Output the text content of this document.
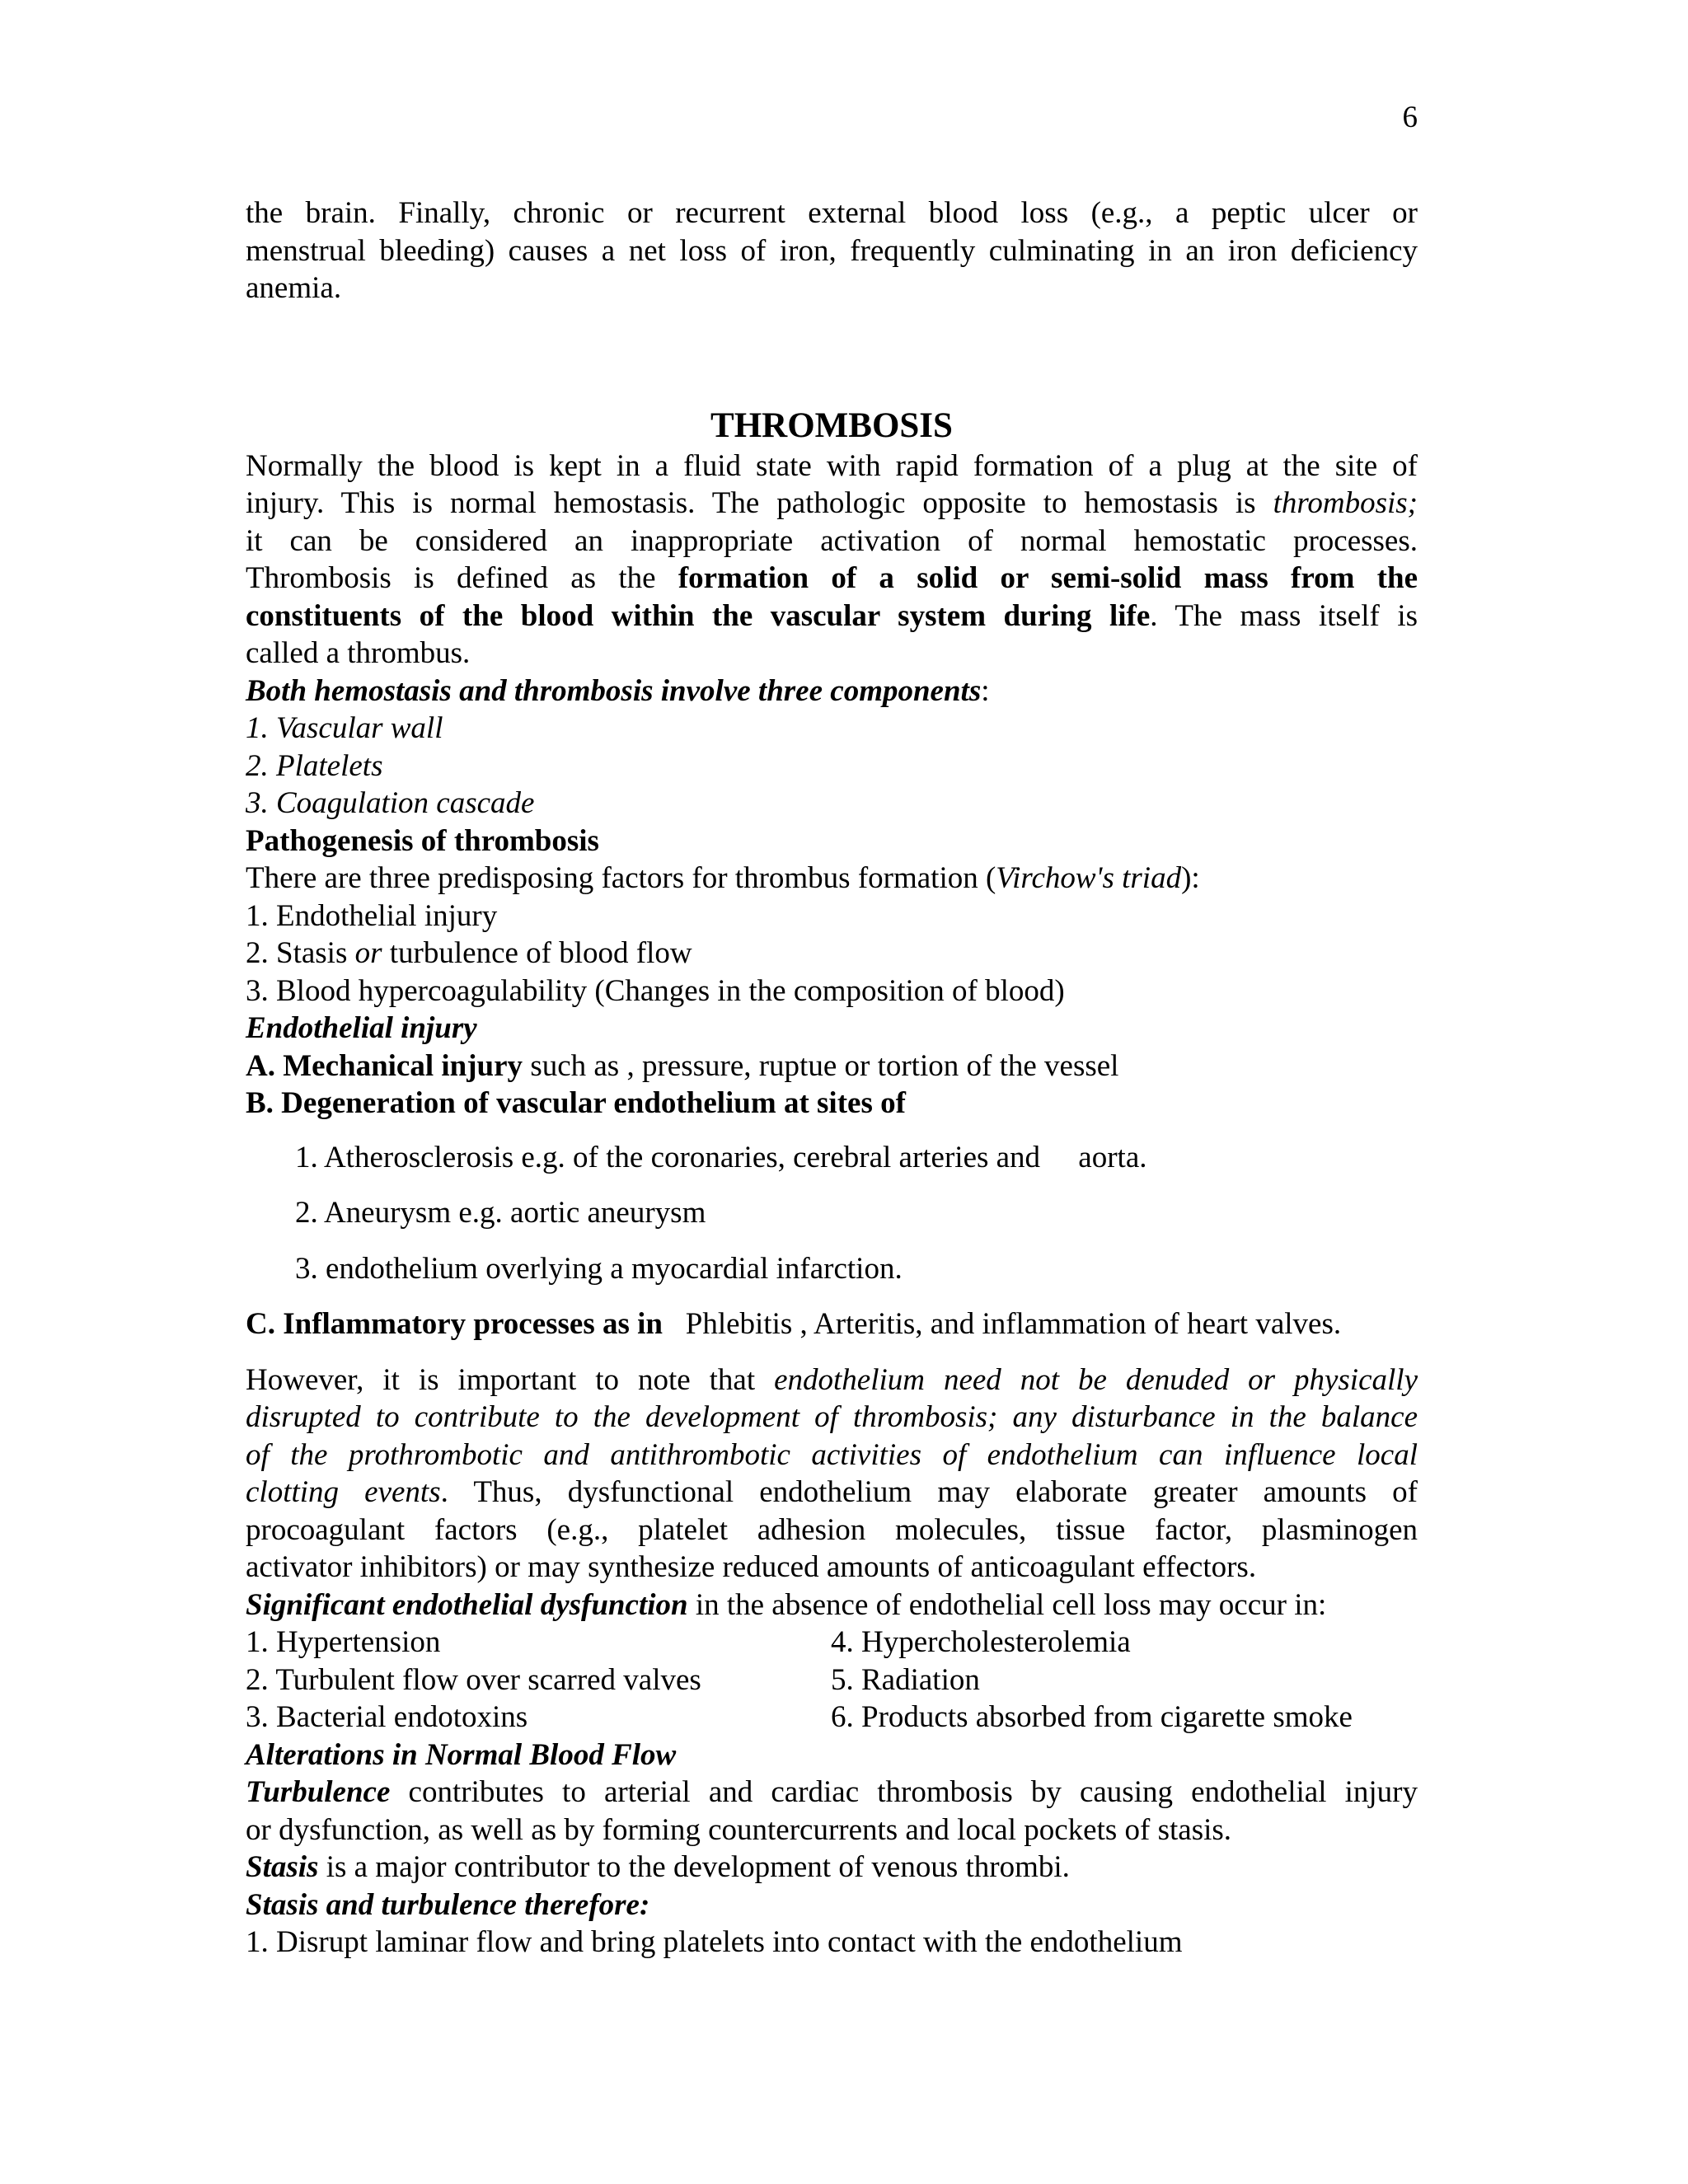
6

the brain. Finally, chronic or recurrent external blood loss (e.g., a peptic ulcer or

menstrual bleeding) causes a net loss of iron, frequently culminating in an iron deficiency

anemia.

THROMBOSIS

Normally the blood is kept in a fluid state with rapid formation of a plug at the site of

injury. This is normal hemostasis. The pathologic opposite to hemostasis is thrombosis;

it can be considered an inappropriate activation of normal hemostatic processes.

Thrombosis is defined as the formation of a solid or semi-solid mass from the

constituents of the blood within the vascular system during life. The mass itself is

called a thrombus.

Both hemostasis and thrombosis involve three components:

1. Vascular wall

2. Platelets

3. Coagulation cascade

Pathogenesis of thrombosis

There are three predisposing factors for thrombus formation (Virchow's triad):

1. Endothelial injury

2. Stasis or turbulence of blood flow

3. Blood hypercoagulability (Changes in the composition of blood)

Endothelial injury

A. Mechanical injury such as , pressure, ruptue or tortion of the vessel

B. Degeneration of vascular endothelium at sites of

1. Atherosclerosis e.g. of the coronaries, cerebral arteries and     aorta.

2. Aneurysm e.g. aortic aneurysm

3. endothelium overlying a myocardial infarction.

C. Inflammatory processes as in   Phlebitis , Arteritis, and inflammation of heart valves.

However, it is important to note that endothelium need not be denuded or physically

disrupted to contribute to the development of thrombosis; any disturbance in the balance

of the prothrombotic and antithrombotic activities of endothelium can influence local

clotting events. Thus, dysfunctional endothelium may elaborate greater amounts of

procoagulant factors (e.g., platelet adhesion molecules, tissue factor, plasminogen

activator inhibitors) or may synthesize reduced amounts of anticoagulant effectors.

Significant endothelial dysfunction in the absence of endothelial cell loss may occur in:

1. Hypertension	4. Hypercholesterolemia
2. Turbulent flow over scarred valves	5. Radiation
3. Bacterial endotoxins	6. Products absorbed from cigarette smoke

Alterations in Normal Blood Flow

Turbulence contributes to arterial and cardiac thrombosis by causing endothelial injury

or dysfunction, as well as by forming countercurrents and local pockets of stasis.

Stasis is a major contributor to the development of venous thrombi.

Stasis and turbulence therefore:

1. Disrupt laminar flow and bring platelets into contact with the endothelium
